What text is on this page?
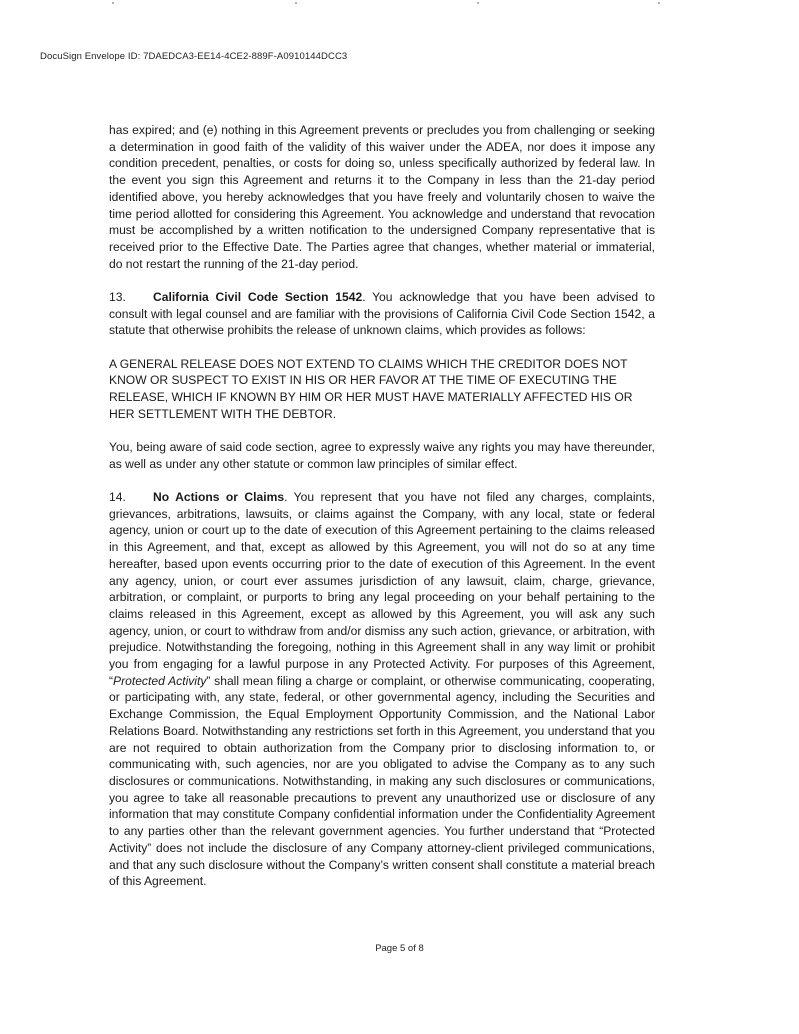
DocuSign Envelope ID: 7DAEDCA3-EE14-4CE2-889F-A0910144DCC3

has expired; and (e) nothing in this Agreement prevents or precludes you from challenging or seeking a determination in good faith of the validity of this waiver under the ADEA, nor does it impose any condition precedent, penalties, or costs for doing so, unless specifically authorized by federal law. In the event you sign this Agreement and returns it to the Company in less than the 21-day period identified above, you hereby acknowledges that you have freely and voluntarily chosen to waive the time period allotted for considering this Agreement. You acknowledge and understand that revocation must be accomplished by a written notification to the undersigned Company representative that is received prior to the Effective Date. The Parties agree that changes, whether material or immaterial, do not restart the running of the 21-day period.

13. California Civil Code Section 1542. You acknowledge that you have been advised to consult with legal counsel and are familiar with the provisions of California Civil Code Section 1542, a statute that otherwise prohibits the release of unknown claims, which provides as follows:

A GENERAL RELEASE DOES NOT EXTEND TO CLAIMS WHICH THE CREDITOR DOES NOT KNOW OR SUSPECT TO EXIST IN HIS OR HER FAVOR AT THE TIME OF EXECUTING THE RELEASE, WHICH IF KNOWN BY HIM OR HER MUST HAVE MATERIALLY AFFECTED HIS OR HER SETTLEMENT WITH THE DEBTOR.

You, being aware of said code section, agree to expressly waive any rights you may have thereunder, as well as under any other statute or common law principles of similar effect.

14. No Actions or Claims. You represent that you have not filed any charges, complaints, grievances, arbitrations, lawsuits, or claims against the Company, with any local, state or federal agency, union or court up to the date of execution of this Agreement pertaining to the claims released in this Agreement, and that, except as allowed by this Agreement, you will not do so at any time hereafter, based upon events occurring prior to the date of execution of this Agreement. In the event any agency, union, or court ever assumes jurisdiction of any lawsuit, claim, charge, grievance, arbitration, or complaint, or purports to bring any legal proceeding on your behalf pertaining to the claims released in this Agreement, except as allowed by this Agreement, you will ask any such agency, union, or court to withdraw from and/or dismiss any such action, grievance, or arbitration, with prejudice. Notwithstanding the foregoing, nothing in this Agreement shall in any way limit or prohibit you from engaging for a lawful purpose in any Protected Activity. For purposes of this Agreement, “Protected Activity” shall mean filing a charge or complaint, or otherwise communicating, cooperating, or participating with, any state, federal, or other governmental agency, including the Securities and Exchange Commission, the Equal Employment Opportunity Commission, and the National Labor Relations Board. Notwithstanding any restrictions set forth in this Agreement, you understand that you are not required to obtain authorization from the Company prior to disclosing information to, or communicating with, such agencies, nor are you obligated to advise the Company as to any such disclosures or communications. Notwithstanding, in making any such disclosures or communications, you agree to take all reasonable precautions to prevent any unauthorized use or disclosure of any information that may constitute Company confidential information under the Confidentiality Agreement to any parties other than the relevant government agencies. You further understand that “Protected Activity” does not include the disclosure of any Company attorney-client privileged communications, and that any such disclosure without the Company’s written consent shall constitute a material breach of this Agreement.

Page 5 of 8
